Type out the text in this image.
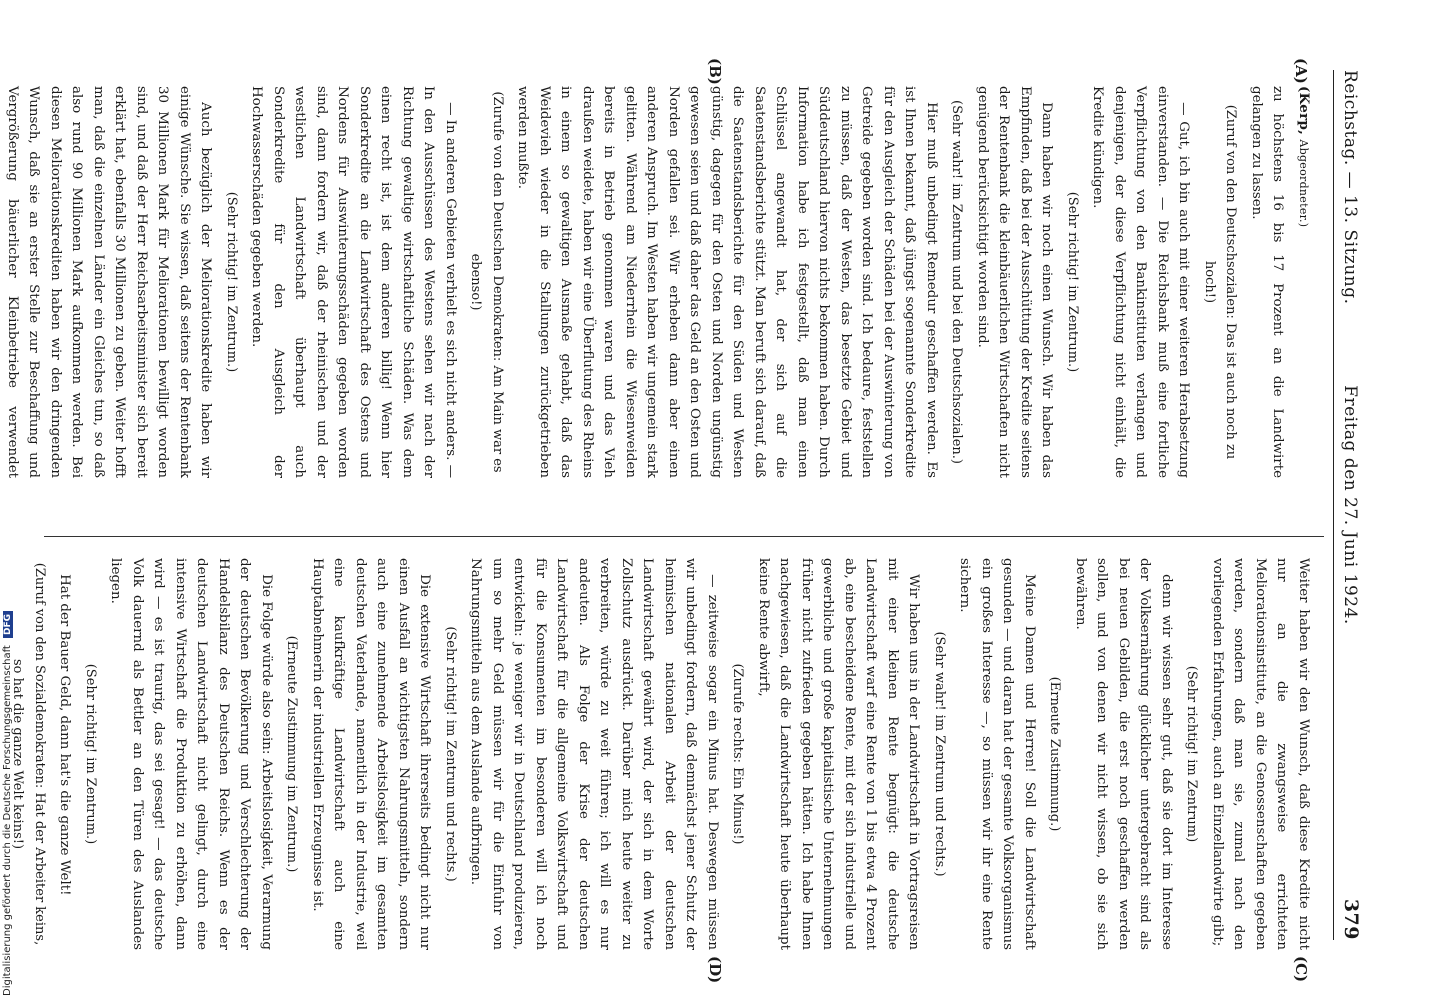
Reichstag. — 13. Sitzung.
Freitag den 27. Juni 1924.
379
(A)
(B)
(C)
(D)

(Kerp, Abgeordneter.)

zu höchstens 16 bis 17 Prozent an die Landwirte gelangen zu lassen.

(Zuruf von den Deutschsozialen: Das ist auch noch zu hoch!)

— Gut, ich bin auch mit einer weiteren Herabsetzung einverstanden. — Die Reichsbank muß eine fortliche Verpflichtung von den Bankinstituten verlangen und denjenigen, der diese Verpflichtung nicht einhält, die Kredite kündigen.

(Sehr richtig! im Zentrum.)

Dann haben wir noch einen Wunsch. Wir haben das Empfinden, daß bei der Ausschüttung der Kredite seitens der Rentenbank die kleinbäuerlichen Wirtschaften nicht genügend berücksichtigt worden sind.

(Sehr wahr! im Zentrum und bei den Deutschsozialen.)

Hier muß unbedingt Remedur geschaffen werden. Es ist Ihnen bekannt, daß jüngst sogenannte Sonderkredite für den Ausgleich der Schäden bei der Auswinterung von Getreide gegeben worden sind. Ich bedaure, feststellen zu müssen, daß der Westen, das besetzte Gebiet und Süddeutschland hiervon nichts bekommen haben. Durch Information habe ich festgestellt, daß man einen Schlüssel angewandt hat, der sich auf die Saatenstandsberichte stützt. Man beruft sich darauf, daß die Saatenstandsberichte für den Süden und Westen günstig, dagegen für den Osten und Norden ungünstig gewesen seien und daß daher das Geld an den Osten und Norden gefallen sei. Wir erheben dann aber einen anderen Anspruch. Im Westen haben wir ungemein stark gelitten. Während am Niederrhein die Wiesenweiden bereits in Betrieb genommen waren und das Vieh draußen weidete, haben wir eine Überflutung des Rheins in einem so gewaltigen Ausmaße gehabt, daß das Weidevieh wieder in die Stallungen zurückgetrieben werden mußte.

(Zurufe von den Deutschen Demokraten: Am Main war es ebenso!)

— In anderen Gebieten verhielt es sich nicht anders. — In den Ausschüssen des Westens sehen wir nach der Richtung gewaltige wirtschaftliche Schäden. Was dem einen recht ist, ist dem anderen billig! Wenn hier Sonderkredite an die Landwirtschaft des Ostens und Nordens für Auswinterungsschäden gegeben worden sind, dann fordern wir, daß der rheinischen und der westlichen Landwirtschaft überhaupt auch Sonderkredite für den Ausgleich der Hochwasserschäden gegeben werden.

(Sehr richtig! im Zentrum.)

Auch bezüglich der Meliorationskredite haben wir einige Wünsche. Sie wissen, daß seitens der Rentenbank 30 Millionen Mark für Meliorationen bewilligt worden sind, und daß der Herr Reichsarbeitsminister sich bereit erklärt hat, ebenfalls 30 Millionen zu geben. Weiter hofft man, daß die einzelnen Länder ein Gleiches tun, so daß also rund 90 Millionen Mark aufkommen werden. Bei diesen Meliorationskrediten haben wir den dringenden Wunsch, daß sie an erster Stelle zur Beschaffung und Vergrößerung bäuerlicher Kleinbetriebe verwendet

Weiter haben wir den Wunsch, daß diese Kredite nicht nur an die zwangsweise errichteten Meliorationsinstitute, an die Genossenschaften gegeben werden, sondern daß man sie, zumal nach den vorliegenden Erfahrungen, auch an Einzellandwirte gibt;

(Sehr richtig! im Zentrum)

denn wir wissen sehr gut, daß sie dort im Interesse der Volksernährung glücklicher untergebracht sind als bei neuen Gebilden, die erst noch geschaffen werden sollen, und von denen wir nicht wissen, ob sie sich bewähren.

(Erneute Zustimmung.)

Meine Damen und Herren! Soll die Landwirtschaft gesunden — und daran hat der gesamte Volksorganismus ein großes Interesse —, so müssen wir ihr eine Rente sichern.

(Sehr wahr! im Zentrum und rechts.)

Wir haben uns in der Landwirtschaft in Vortragsreisen mit einer kleinen Rente begnügt: die deutsche Landwirtschaft warf eine Rente von 1 bis etwa 4 Prozent ab, eine bescheidene Rente, mit der sich industrielle und gewerbliche und große kapitalistische Unternehmungen früher nicht zufrieden gegeben hätten. Ich habe Ihnen nachgewiesen, daß die Landwirtschaft heute überhaupt keine Rente abwirft,

(Zurufe rechts: Ein Minus!)

— zeitweise sogar ein Minus hat. Deswegen müssen wir unbedingt fordern, daß demnächst jener Schutz der heimischen nationalen Arbeit der deutschen Landwirtschaft gewährt wird, der sich in dem Worte Zollschutz ausdrückt. Darüber mich heute weiter zu verbreiten, würde zu weit führen; ich will es nur andeuten. Als Folge der Krise der deutschen Landwirtschaft für die allgemeine Volkswirtschaft und für die Konsumenten im besonderen will ich noch entwickeln: je weniger wir in Deutschland produzieren, um so mehr Geld müssen wir für die Einfuhr von Nahrungsmitteln aus dem Auslande aufbringen.

(Sehr richtig! im Zentrum und rechts.)

Die extensive Wirtschaft ihrerseits bedingt nicht nur einen Ausfall an wichtigsten Nahrungsmitteln, sondern auch eine zunehmende Arbeitslosigkeit im gesamten deutschen Vaterlande, namentlich in der Industrie, weil eine kaufkräftige Landwirtschaft auch eine Hauptabnehmerin der industriellen Erzeugnisse ist.

(Erneute Zustimmung im Zentrum.)

Die Folge würde also sein: Arbeitslosigkeit, Verarmung der deutschen Bevölkerung und Verschlechterung der Handelsbilanz des Deutschen Reichs. Wenn es der deutschen Landwirtschaft nicht gelingt, durch eine intensive Wirtschaft die Produktion zu erhöhen, dann wird — es ist traurig, das sei gesagt! — das deutsche Volk dauernd als Bettler an den Türen des Auslandes liegen.

(Sehr richtig! im Zentrum.)

Hat der Bauer Geld, dann hat's die ganze Welt!

(Zuruf von den Sozialdemokraten: Hat der Arbeiter keins, so hat die ganze Welt keins!)

Digitalisierung gefördert durch die Deutsche Forschungsgemeinschaft DFG
